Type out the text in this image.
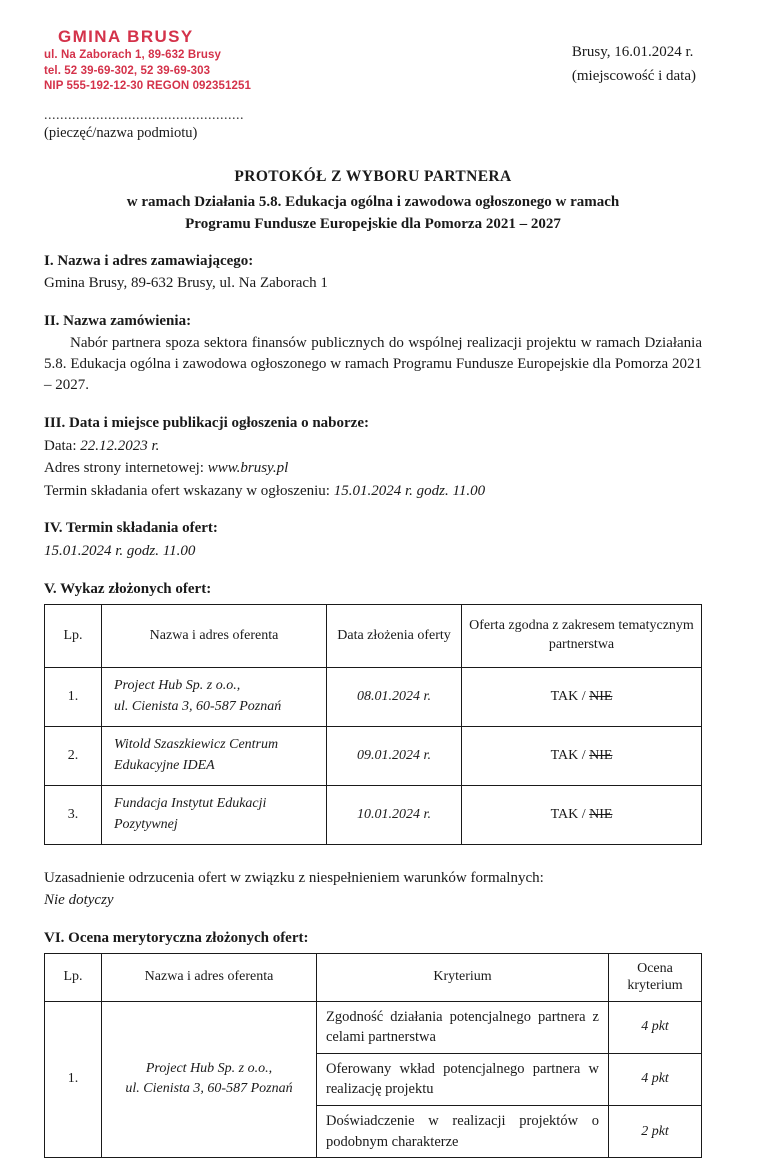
GMINA BRUSY
ul. Na Zaborach 1, 89-632 Brusy
tel. 52 39-69-302, 52 39-69-303
NIP 555-192-12-30 REGON 092351251
Brusy, 16.01.2024 r.
(miejscowość i data)
..................................................
(pieczęć/nazwa podmiotu)
PROTOKÓŁ Z WYBORU PARTNERA
w ramach Działania 5.8. Edukacja ogólna i zawodowa ogłoszonego w ramach
Programu Fundusze Europejskie dla Pomorza 2021 – 2027
I. Nazwa i adres zamawiającego:
Gmina Brusy, 89-632 Brusy, ul. Na Zaborach 1
II. Nazwa zamówienia:
Nabór partnera spoza sektora finansów publicznych do wspólnej realizacji projektu w ramach Działania 5.8. Edukacja ogólna i zawodowa ogłoszonego w ramach Programu Fundusze Europejskie dla Pomorza 2021 – 2027.
III. Data i miejsce publikacji ogłoszenia o naborze:
Data: 22.12.2023 r.
Adres strony internetowej: www.brusy.pl
Termin składania ofert wskazany w ogłoszeniu: 15.01.2024 r. godz. 11.00
IV. Termin składania ofert:
15.01.2024 r. godz. 11.00
V. Wykaz złożonych ofert:
Lp.	Nazwa i adres oferenta	Data złożenia oferty	Oferta zgodna z zakresem tematycznym partnerstwa
1.	Project Hub Sp. z o.o.,
ul. Cienista 3, 60-587 Poznań	08.01.2024 r.	TAK / NIE
2.	Witold Szaszkiewicz Centrum
Edukacyjne IDEA	09.01.2024 r.	TAK / NIE
3.	Fundacja Instytut Edukacji
Pozytywnej	10.01.2024 r.	TAK / NIE
Uzasadnienie odrzucenia ofert w związku z niespełnieniem warunków formalnych:
Nie dotyczy
VI. Ocena merytoryczna złożonych ofert:
Lp.	Nazwa i adres oferenta	Kryterium	Ocena kryterium
1.	Project Hub Sp. z o.o.,
ul. Cienista 3, 60-587 Poznań	Zgodność działania potencjalnego partnera z celami partnerstwa	4 pkt
		Oferowany wkład potencjalnego partnera w realizację projektu	4 pkt
		Doświadczenie w realizacji projektów o podobnym charakterze	2 pkt
